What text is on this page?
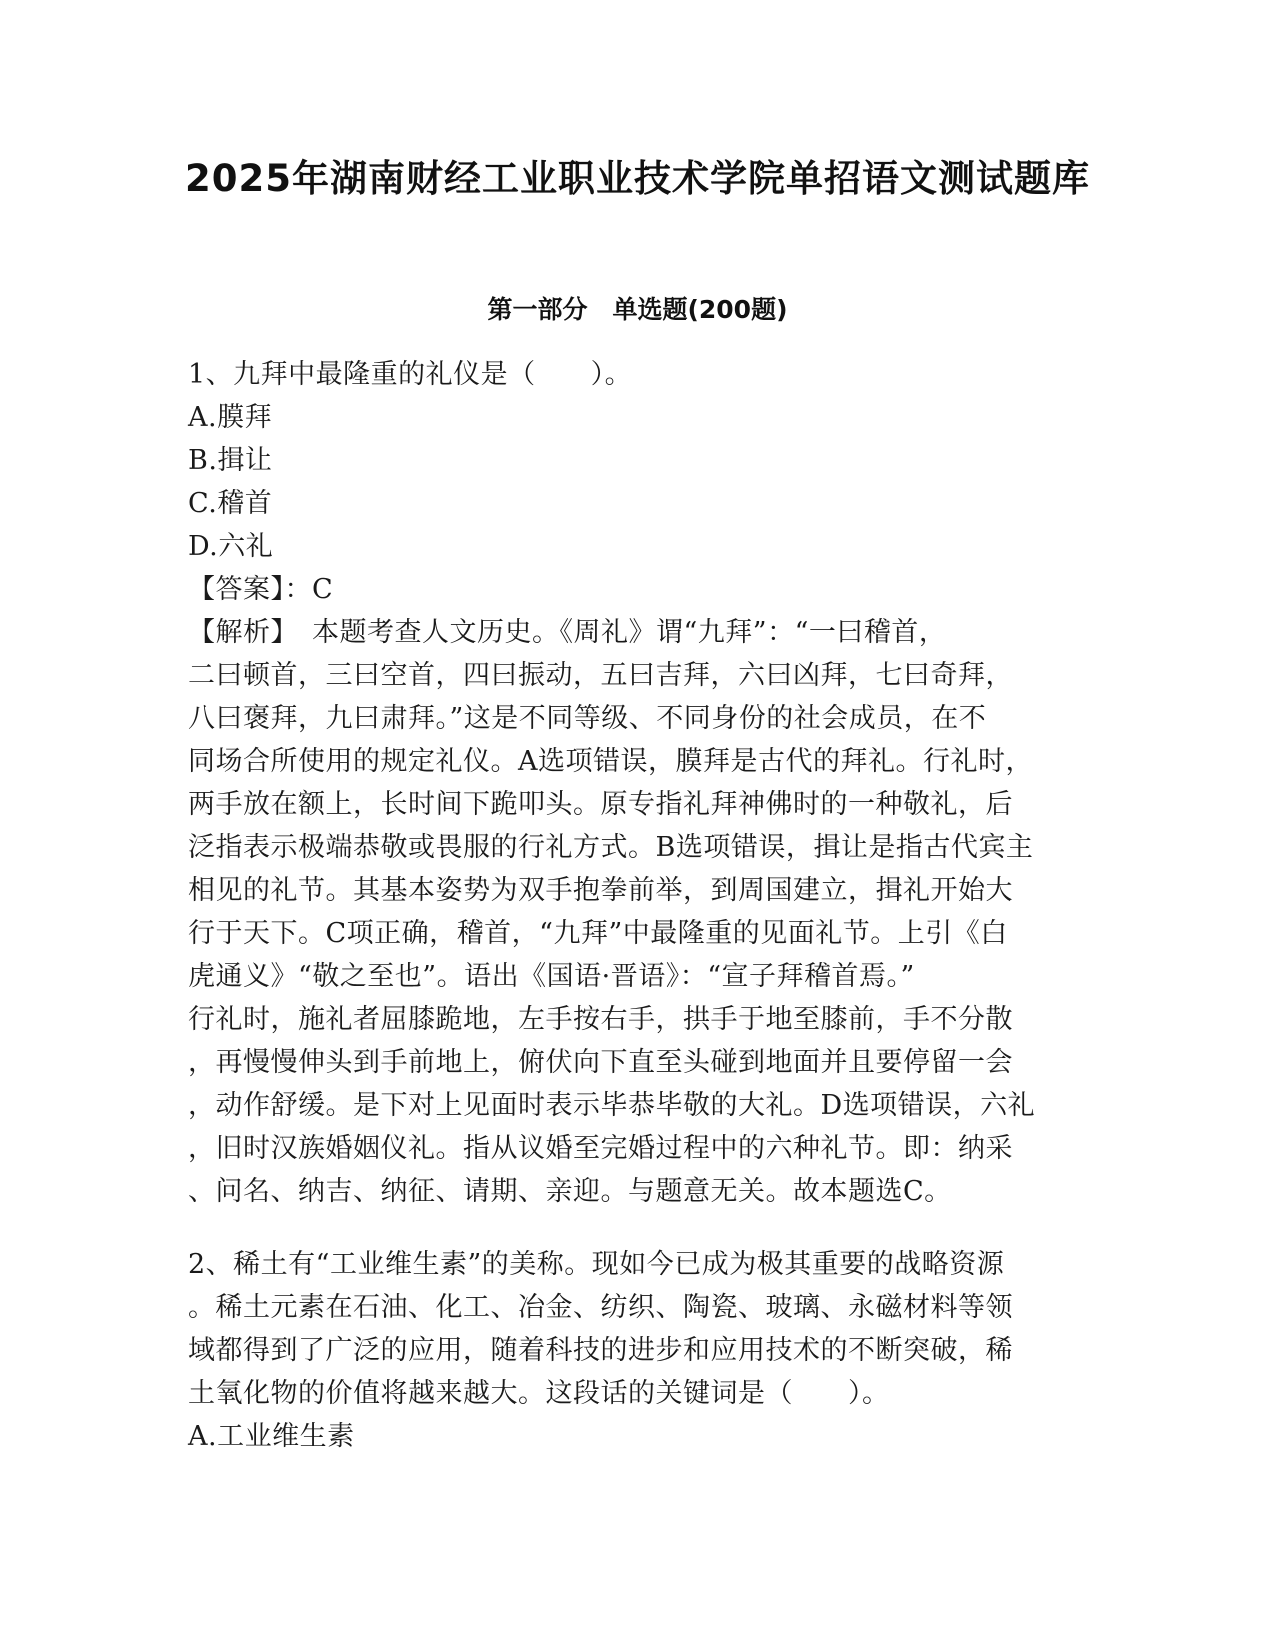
2025年湖南财经工业职业技术学院单招语文测试题库
第一部分　单选题(200题)
1、九拜中最隆重的礼仪是（　　）。
A.膜拜
B.揖让
C.稽首
D.六礼
【答案】：C
【解析】　本题考查人文历史。《周礼》谓“九拜”：“一曰稽首，
二曰顿首，三曰空首，四曰振动，五曰吉拜，六曰凶拜，七曰奇拜，
八曰褒拜，九曰肃拜。”这是不同等级、不同身份的社会成员，在不
同场合所使用的规定礼仪。A选项错误，膜拜是古代的拜礼。行礼时，
两手放在额上，长时间下跪叩头。原专指礼拜神佛时的一种敬礼，后
泛指表示极端恭敬或畏服的行礼方式。B选项错误，揖让是指古代宾主
相见的礼节。其基本姿势为双手抱拳前举，到周国建立，揖礼开始大
行于天下。C项正确，稽首，“九拜”中最隆重的见面礼节。上引《白
虎通义》“敬之至也”。语出《国语·晋语》：“宣子拜稽首焉。”
行礼时，施礼者屈膝跪地，左手按右手，拱手于地至膝前，手不分散
，再慢慢伸头到手前地上，俯伏向下直至头碰到地面并且要停留一会
，动作舒缓。是下对上见面时表示毕恭毕敬的大礼。D选项错误，六礼
，旧时汉族婚姻仪礼。指从议婚至完婚过程中的六种礼节。即：纳采
、问名、纳吉、纳征、请期、亲迎。与题意无关。故本题选C。
2、稀土有“工业维生素”的美称。现如今已成为极其重要的战略资源
。稀土元素在石油、化工、冶金、纺织、陶瓷、玻璃、永磁材料等领
域都得到了广泛的应用，随着科技的进步和应用技术的不断突破，稀
土氧化物的价值将越来越大。这段话的关键词是（　　）。
A.工业维生素
